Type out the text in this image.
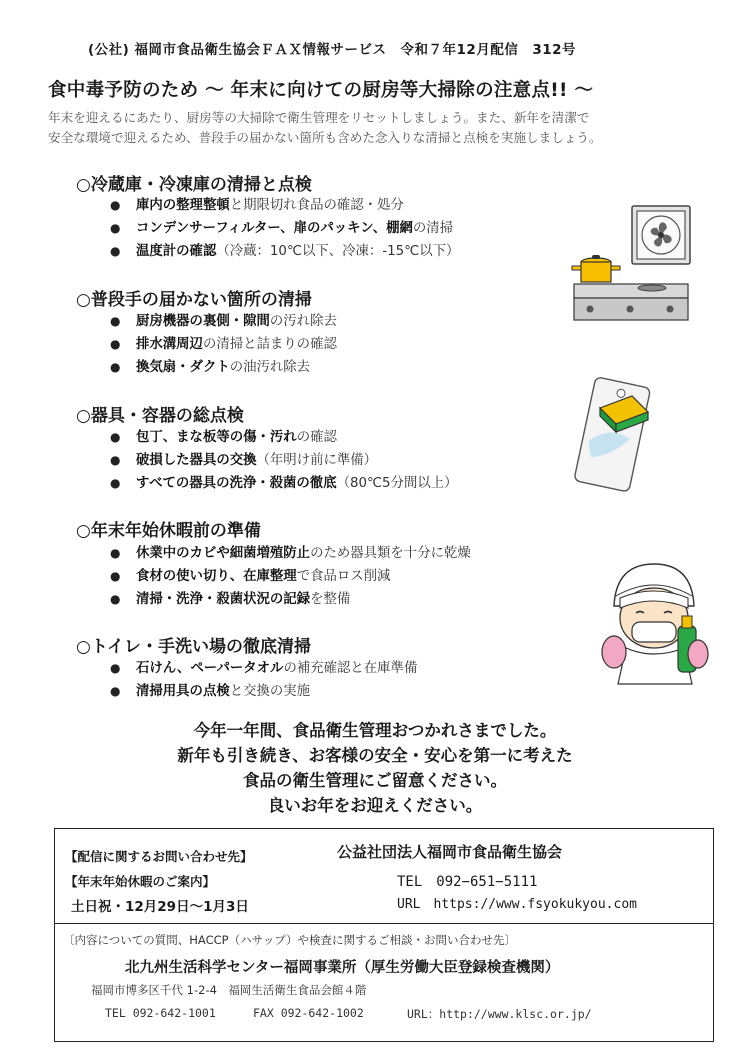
(公社) 福岡市食品衛生協会ＦＡＸ情報サービス　令和７年12月配信　312号
食中毒予防のため 〜 年末に向けての厨房等大掃除の注意点!! 〜
年末を迎えるにあたり、厨房等の大掃除で衛生管理をリセットしましょう。また、新年を清潔で
安全な環境で迎えるため、普段手の届かない箇所も含めた念入りな清掃と点検を実施しましょう。
○冷蔵庫・冷凍庫の清掃と点検
● 庫内の整理整頓と期限切れ食品の確認・処分
● コンデンサーフィルター、扉のパッキン、棚網の清掃
● 温度計の確認（冷蔵：10℃以下、冷凍：-15℃以下）
○普段手の届かない箇所の清掃
● 厨房機器の裏側・隙間の汚れ除去
● 排水溝周辺の清掃と詰まりの確認
● 換気扇・ダクトの油汚れ除去
○器具・容器の総点検
● 包丁、まな板等の傷・汚れの確認
● 破損した器具の交換（年明け前に準備）
● すべての器具の洗浄・殺菌の徹底（80℃5分間以上）
○年末年始休暇前の準備
● 休業中のカビや細菌増殖防止のため器具類を十分に乾燥
● 食材の使い切り、在庫整理で食品ロス削減
● 清掃・洗浄・殺菌状況の記録を整備
○トイレ・手洗い場の徹底清掃
● 石けん、ペーパータオルの補充確認と在庫準備
● 清掃用具の点検と交換の実施
今年一年間、食品衛生管理おつかれさまでした。
新年も引き続き、お客様の安全・安心を第一に考えた
食品の衛生管理にご留意ください。
良いお年をお迎えください。
【配信に関するお問い合わせ先】
【年末年始休暇のご案内】
土日祝・12月29日〜1月3日
公益社団法人福岡市食品衛生協会
TEL　092−651−5111
URL　https://www.fsyokukyou.com
〔内容についての質問、HACCP（ハサップ）や検査に関するご相談・お問い合わせ先〕
北九州生活科学センター福岡事業所（厚生労働大臣登録検査機関）
福岡市博多区千代 1-2-4　福岡生活衛生食品会館４階
TEL 092-642-1001	FAX 092-642-1002	URL：http://www.klsc.or.jp/
